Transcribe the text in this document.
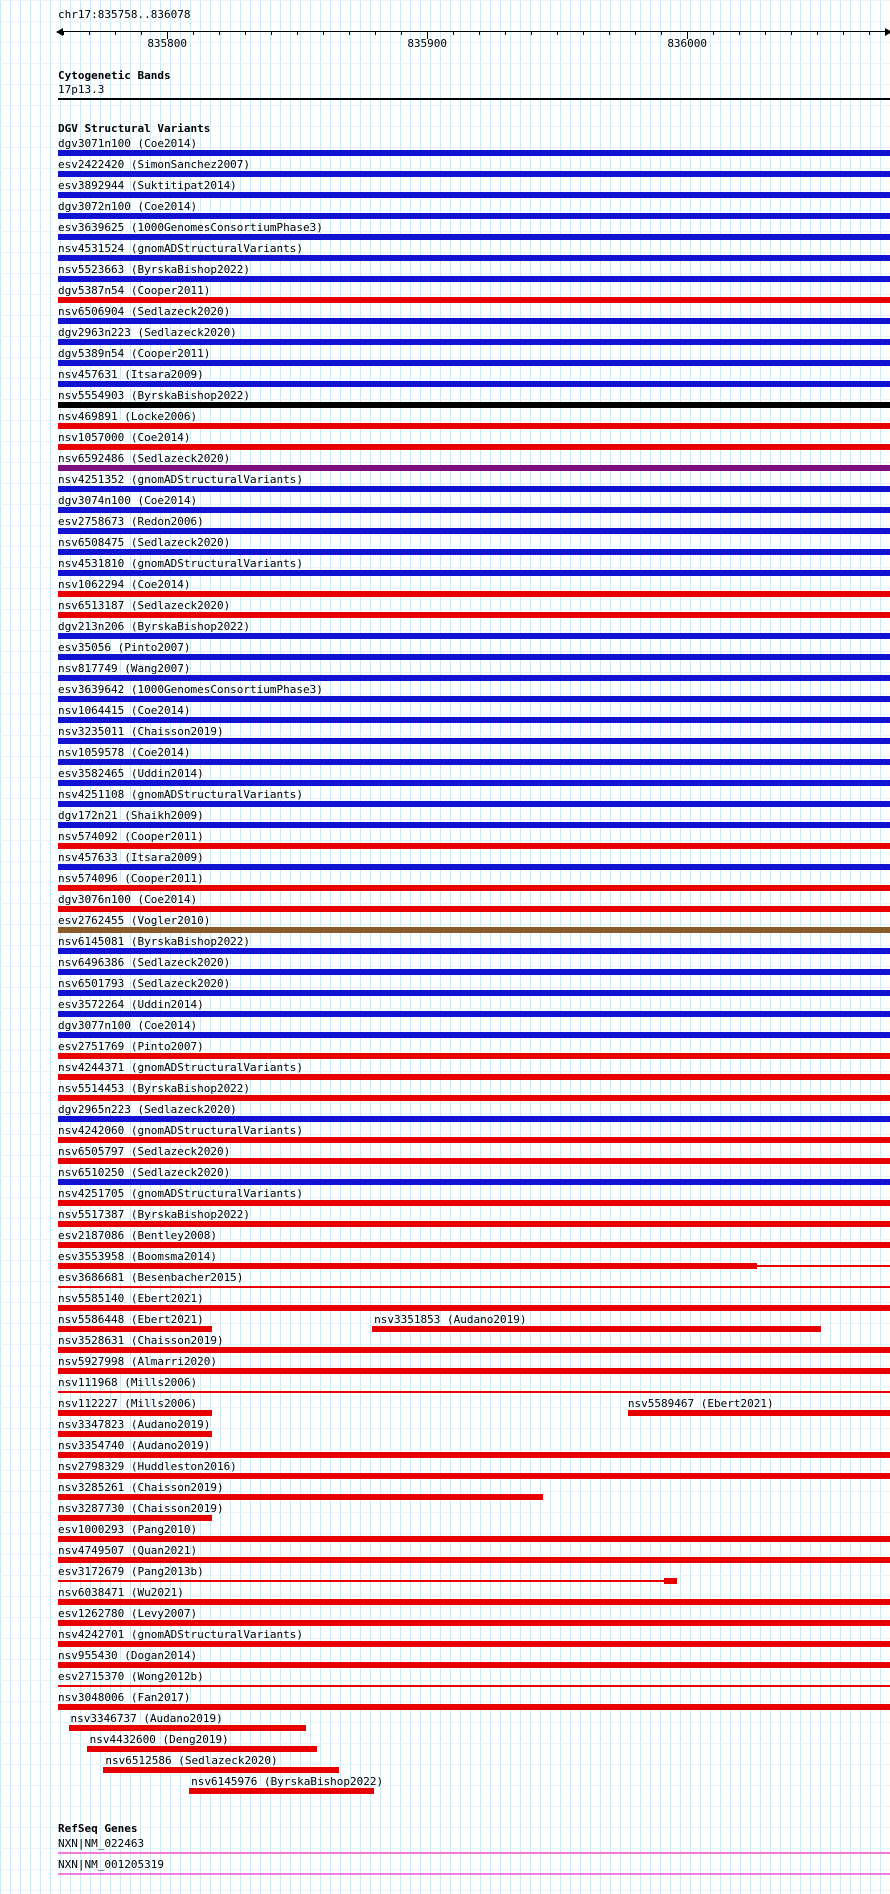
chr17:835758..836078
835800	835900	836000
Cytogenetic Bands
17p13.3
DGV Structural Variants
dgv3071n100 (Coe2014)
esv2422420 (SimonSanchez2007)
esv3892944 (Suktitipat2014)
dgv3072n100 (Coe2014)
esv3639625 (1000GenomesConsortiumPhase3)
nsv4531524 (gnomADStructuralVariants)
nsv5523663 (ByrskaBishop2022)
dgv5387n54 (Cooper2011)
nsv6506904 (Sedlazeck2020)
dgv2963n223 (Sedlazeck2020)
dgv5389n54 (Cooper2011)
nsv457631 (Itsara2009)
nsv5554903 (ByrskaBishop2022)
nsv469891 (Locke2006)
nsv1057000 (Coe2014)
nsv6592486 (Sedlazeck2020)
nsv4251352 (gnomADStructuralVariants)
dgv3074n100 (Coe2014)
esv2758673 (Redon2006)
nsv6508475 (Sedlazeck2020)
nsv4531810 (gnomADStructuralVariants)
nsv1062294 (Coe2014)
nsv6513187 (Sedlazeck2020)
dgv213n206 (ByrskaBishop2022)
esv35056 (Pinto2007)
nsv817749 (Wang2007)
esv3639642 (1000GenomesConsortiumPhase3)
nsv1064415 (Coe2014)
nsv3235011 (Chaisson2019)
nsv1059578 (Coe2014)
esv3582465 (Uddin2014)
nsv4251108 (gnomADStructuralVariants)
dgv172n21 (Shaikh2009)
nsv574092 (Cooper2011)
nsv457633 (Itsara2009)
nsv574096 (Cooper2011)
dgv3076n100 (Coe2014)
esv2762455 (Vogler2010)
nsv6145081 (ByrskaBishop2022)
nsv6496386 (Sedlazeck2020)
nsv6501793 (Sedlazeck2020)
esv3572264 (Uddin2014)
dgv3077n100 (Coe2014)
esv2751769 (Pinto2007)
nsv4244371 (gnomADStructuralVariants)
nsv5514453 (ByrskaBishop2022)
dgv2965n223 (Sedlazeck2020)
nsv4242060 (gnomADStructuralVariants)
nsv6505797 (Sedlazeck2020)
nsv6510250 (Sedlazeck2020)
nsv4251705 (gnomADStructuralVariants)
nsv5517387 (ByrskaBishop2022)
esv2187086 (Bentley2008)
esv3553958 (Boomsma2014)
esv3686681 (Besenbacher2015)
nsv5585140 (Ebert2021)
nsv5586448 (Ebert2021)	nsv3351853 (Audano2019)
nsv3528631 (Chaisson2019)
nsv5927998 (Almarri2020)
nsv111968 (Mills2006)
nsv112227 (Mills2006)	nsv5589467 (Ebert2021)
nsv3347823 (Audano2019)
nsv3354740 (Audano2019)
nsv2798329 (Huddleston2016)
nsv3285261 (Chaisson2019)
nsv3287730 (Chaisson2019)
esv1000293 (Pang2010)
nsv4749507 (Quan2021)
esv3172679 (Pang2013b)
nsv6038471 (Wu2021)
esv1262780 (Levy2007)
nsv4242701 (gnomADStructuralVariants)
nsv955430 (Dogan2014)
esv2715370 (Wong2012b)
nsv3048006 (Fan2017)
nsv3346737 (Audano2019)
nsv4432600 (Deng2019)
nsv6512586 (Sedlazeck2020)
nsv6145976 (ByrskaBishop2022)
RefSeq Genes
NXN|NM_022463
NXN|NM_001205319
